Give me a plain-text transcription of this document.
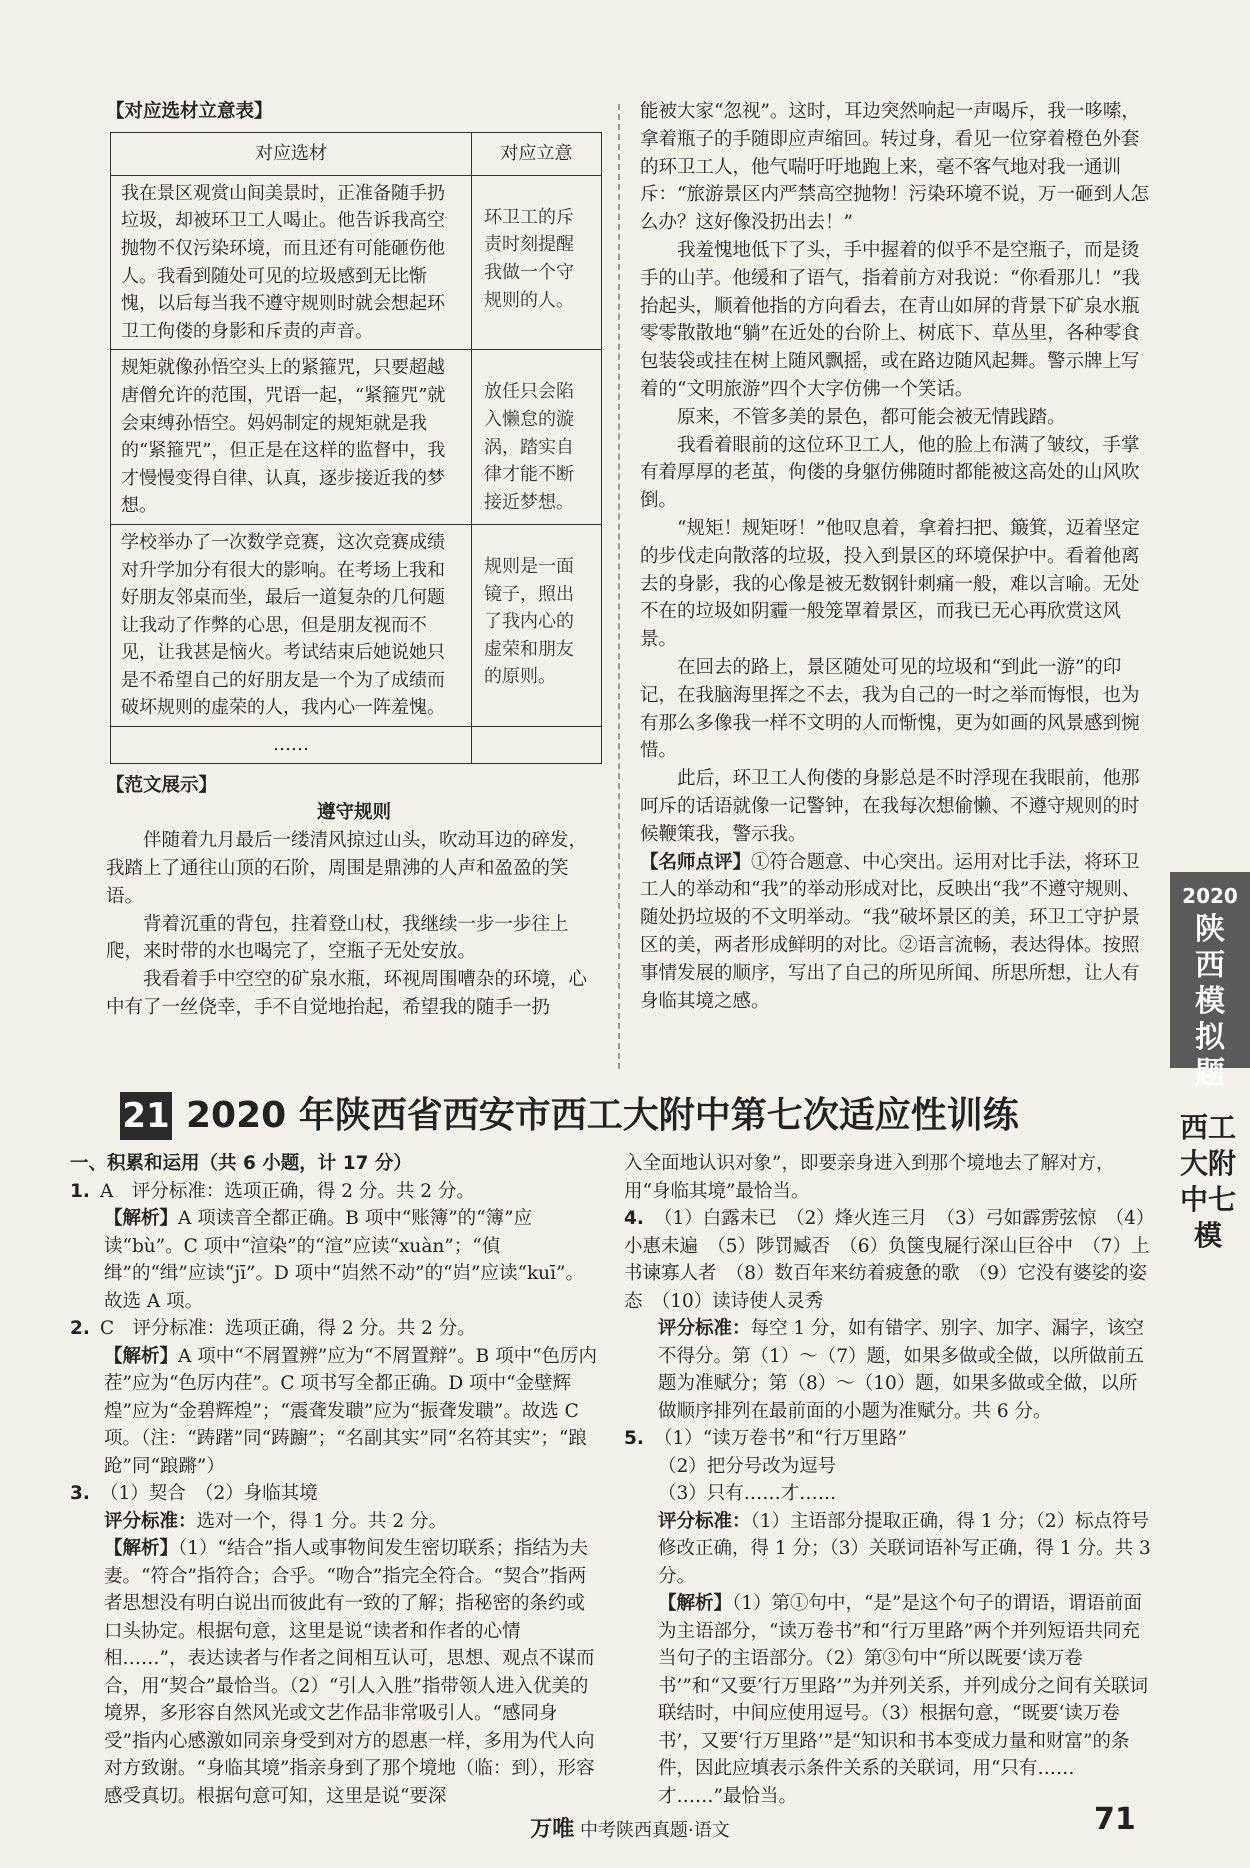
【对应选材立意表】
对应选材	对应立意
我在景区观赏山间美景时，正准备随手扔垃圾，却被环卫工人喝止。他告诉我高空抛物不仅污染环境，而且还有可能砸伤他人。我看到随处可见的垃圾感到无比惭愧，以后每当我不遵守规则时就会想起环卫工佝偻的身影和斥责的声音。	环卫工的斥责时刻提醒我做一个守规则的人。
规矩就像孙悟空头上的紧箍咒，只要超越唐僧允许的范围，咒语一起，“紧箍咒”就会束缚孙悟空。妈妈制定的规矩就是我的“紧箍咒”，但正是在这样的监督中，我才慢慢变得自律、认真，逐步接近我的梦想。	放任只会陷入懒怠的漩涡，踏实自律才能不断接近梦想。
学校举办了一次数学竞赛，这次竞赛成绩对升学加分有很大的影响。在考场上我和好朋友邻桌而坐，最后一道复杂的几何题让我动了作弊的心思，但是朋友视而不见，让我甚是恼火。考试结束后她说她只是不希望自己的好朋友是一个为了成绩而破坏规则的虚荣的人，我内心一阵羞愧。	规则是一面镜子，照出了我内心的虚荣和朋友的原则。
……	
【范文展示】

遵守规则

伴随着九月最后一缕清风掠过山头，吹动耳边的碎发，我踏上了通往山顶的石阶，周围是鼎沸的人声和盈盈的笑语。

背着沉重的背包，拄着登山杖，我继续一步一步往上爬，来时带的水也喝完了，空瓶子无处安放。

我看着手中空空的矿泉水瓶，环视周围嘈杂的环境，心中有了一丝侥幸，手不自觉地抬起，希望我的随手一扔

能被大家“忽视”。这时，耳边突然响起一声喝斥，我一哆嗦，拿着瓶子的手随即应声缩回。转过身，看见一位穿着橙色外套的环卫工人，他气喘吁吁地跑上来，毫不客气地对我一通训斥：“旅游景区内严禁高空抛物！污染环境不说，万一砸到人怎么办？这好像没扔出去！”

我羞愧地低下了头，手中握着的似乎不是空瓶子，而是烫手的山芋。他缓和了语气，指着前方对我说：“你看那儿！”我抬起头，顺着他指的方向看去，在青山如屏的背景下矿泉水瓶零零散散地“躺”在近处的台阶上、树底下、草丛里，各种零食包装袋或挂在树上随风飘摇，或在路边随风起舞。警示牌上写着的“文明旅游”四个大字仿佛一个笑话。

原来，不管多美的景色，都可能会被无情践踏。

我看着眼前的这位环卫工人，他的脸上布满了皱纹，手掌有着厚厚的老茧，佝偻的身躯仿佛随时都能被这高处的山风吹倒。

“规矩！规矩呀！”他叹息着，拿着扫把、簸箕，迈着坚定的步伐走向散落的垃圾，投入到景区的环境保护中。看着他离去的身影，我的心像是被无数钢针刺痛一般，难以言喻。无处不在的垃圾如阴霾一般笼罩着景区，而我已无心再欣赏这风景。

在回去的路上，景区随处可见的垃圾和“到此一游”的印记，在我脑海里挥之不去，我为自己的一时之举而悔恨，也为有那么多像我一样不文明的人而惭愧，更为如画的风景感到惋惜。

此后，环卫工人佝偻的身影总是不时浮现在我眼前，他那呵斥的话语就像一记警钟，在我每次想偷懒、不遵守规则的时候鞭策我，警示我。

【名师点评】①符合题意、中心突出。运用对比手法，将环卫工人的举动和“我”的举动形成对比，反映出“我”不遵守规则、随处扔垃圾的不文明举动。“我”破坏景区的美，环卫工守护景区的美，两者形成鲜明的对比。②语言流畅，表达得体。按照事情发展的顺序，写出了自己的所见所闻、所思所想，让人有身临其境之感。

2020
陕西模拟题
西工大附中七模
21 2020 年陕西省西安市西工大附中第七次适应性训练

一、积累和运用（共 6 小题，计 17 分）

1. A　评分标准：选项正确，得 2 分。共 2 分。

【解析】A 项读音全都正确。B 项中“账簿”的“簿”应读“bù”。C 项中“渲染”的“渲”应读“xuàn”；“偵缉”的“缉”应读“jī”。D 项中“岿然不动”的“岿”应读“kuī”。故选 A 项。

2. C　评分标准：选项正确，得 2 分。共 2 分。

【解析】A 项中“不屑置辨”应为“不屑置辩”。B 项中“色厉内茬”应为“色厉内荏”。C 项书写全都正确。D 项中“金壁辉煌”应为“金碧辉煌”；“震聋发聩”应为“振聋发聩”。故选 C 项。（注：“踌躇”同“踌躕”；“名副其实”同“名符其实”；“踉跄”同“踉蹡”）

3. （1）契合　（2）身临其境

评分标准：选对一个，得 1 分。共 2 分。

【解析】（1）“结合”指人或事物间发生密切联系；指结为夫妻。“符合”指符合；合乎。“吻合”指完全符合。“契合”指两者思想没有明白说出而彼此有一致的了解；指秘密的条约或口头协定。根据句意，这里是说“读者和作者的心情相……”，表达读者与作者之间相互认可，思想、观点不谋而合，用“契合”最恰当。（2）“引人入胜”指带领人进入优美的境界，多形容自然风光或文艺作品非常吸引人。“感同身受”指内心感激如同亲身受到对方的恩惠一样，多用为代人向对方致谢。“身临其境”指亲身到了那个境地（临：到），形容感受真切。根据句意可知，这里是说“要深

入全面地认识对象”，即要亲身进入到那个境地去了解对方，用“身临其境”最恰当。

4. （1）白露未已　（2）烽火连三月　（3）弓如霹雳弦惊　（4）小惠未遍　（5）陟罚臧否　（6）负箧曳屣行深山巨谷中　（7）上书谏寡人者　（8）数百年来纺着疲惫的歌　（9）它没有婆娑的姿态　（10）读诗使人灵秀

评分标准：每空 1 分，如有错字、别字、加字、漏字，该空不得分。第（1）～（7）题，如果多做或全做，以所做前五题为准赋分；第（8）～（10）题，如果多做或全做，以所做顺序排列在最前面的小题为准赋分。共 6 分。

5. （1）“读万卷书”和“行万里路”

（2）把分号改为逗号

（3）只有……才……

评分标准：（1）主语部分提取正确，得 1 分；（2）标点符号修改正确，得 1 分；（3）关联词语补写正确，得 1 分。共 3 分。

【解析】（1）第①句中，“是”是这个句子的谓语，谓语前面为主语部分，“读万卷书”和“行万里路”两个并列短语共同充当句子的主语部分。（2）第③句中“所以既要‘读万卷书’”和“又要‘行万里路’”为并列关系，并列成分之间有关联词联结时，中间应使用逗号。（3）根据句意，“既要‘读万卷书’，又要‘行万里路’”是“知识和书本变成力量和财富”的条件，因此应填表示条件关系的关联词，用“只有……才……”最恰当。

万唯 中考陕西真题·语文	71
